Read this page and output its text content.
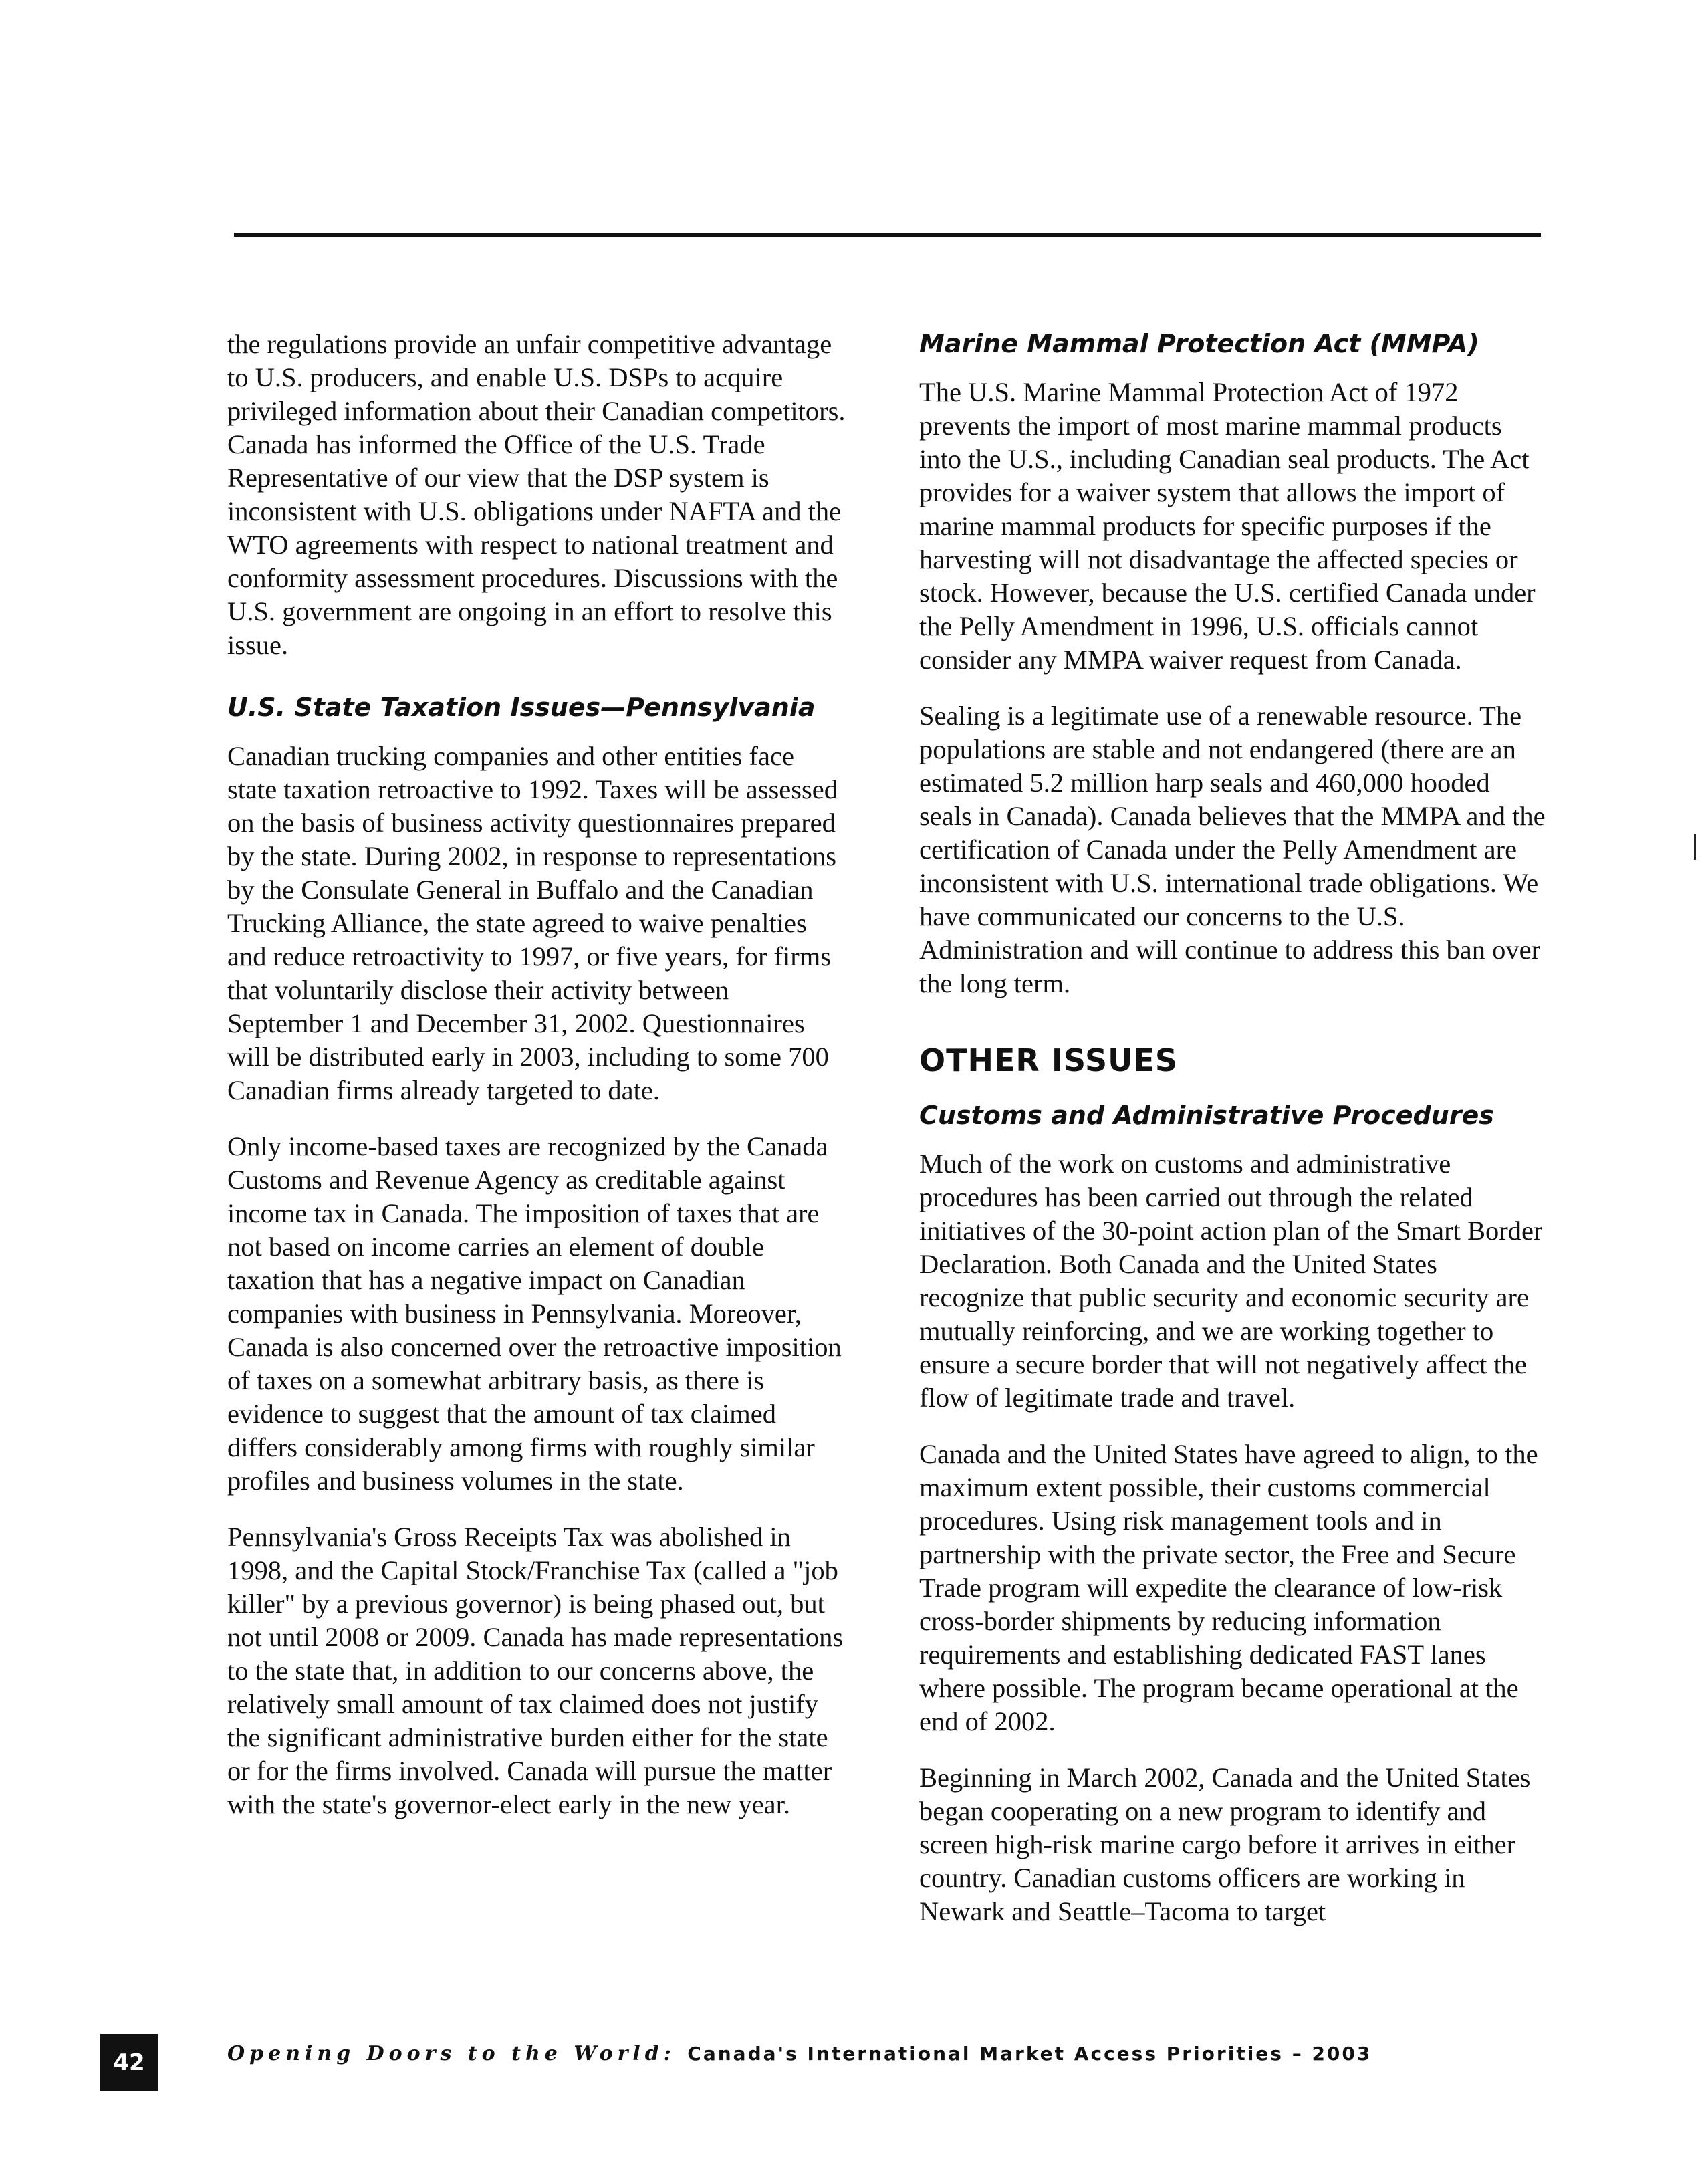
the regulations provide an unfair competitive advantage to U.S. producers, and enable U.S. DSPs to acquire privileged information about their Canadian competitors. Canada has informed the Office of the U.S. Trade Representative of our view that the DSP system is inconsistent with U.S. obligations under NAFTA and the WTO agreements with respect to national treatment and conformity assessment procedures. Discussions with the U.S. government are ongoing in an effort to resolve this issue.

U.S. State Taxation Issues—Pennsylvania

Canadian trucking companies and other entities face state taxation retroactive to 1992. Taxes will be assessed on the basis of business activity questionnaires prepared by the state. During 2002, in response to representations by the Consulate General in Buffalo and the Canadian Trucking Alliance, the state agreed to waive penalties and reduce retroactivity to 1997, or five years, for firms that voluntarily disclose their activity between September 1 and December 31, 2002. Questionnaires will be distributed early in 2003, including to some 700 Canadian firms already targeted to date.

Only income-based taxes are recognized by the Canada Customs and Revenue Agency as creditable against income tax in Canada. The imposition of taxes that are not based on income carries an element of double taxation that has a negative impact on Canadian companies with business in Pennsylvania. Moreover, Canada is also concerned over the retroactive imposition of taxes on a somewhat arbitrary basis, as there is evidence to suggest that the amount of tax claimed differs considerably among firms with roughly similar profiles and business volumes in the state.

Pennsylvania's Gross Receipts Tax was abolished in 1998, and the Capital Stock/Franchise Tax (called a "job killer" by a previous governor) is being phased out, but not until 2008 or 2009. Canada has made representations to the state that, in addition to our concerns above, the relatively small amount of tax claimed does not justify the significant administrative burden either for the state or for the firms involved. Canada will pursue the matter with the state's governor-elect early in the new year.

Marine Mammal Protection Act (MMPA)

The U.S. Marine Mammal Protection Act of 1972 prevents the import of most marine mammal products into the U.S., including Canadian seal products. The Act provides for a waiver system that allows the import of marine mammal products for specific purposes if the harvesting will not disadvantage the affected species or stock. However, because the U.S. certified Canada under the Pelly Amendment in 1996, U.S. officials cannot consider any MMPA waiver request from Canada.

Sealing is a legitimate use of a renewable resource. The populations are stable and not endangered (there are an estimated 5.2 million harp seals and 460,000 hooded seals in Canada). Canada believes that the MMPA and the certification of Canada under the Pelly Amendment are inconsistent with U.S. international trade obligations. We have communicated our concerns to the U.S. Administration and will continue to address this ban over the long term.

OTHER ISSUES
Customs and Administrative Procedures

Much of the work on customs and administrative procedures has been carried out through the related initiatives of the 30-point action plan of the Smart Border Declaration. Both Canada and the United States recognize that public security and economic security are mutually reinforcing, and we are working together to ensure a secure border that will not negatively affect the flow of legitimate trade and travel.

Canada and the United States have agreed to align, to the maximum extent possible, their customs commercial procedures. Using risk management tools and in partnership with the private sector, the Free and Secure Trade program will expedite the clearance of low-risk cross-border shipments by reducing information requirements and establishing dedicated FAST lanes where possible. The program became operational at the end of 2002.

Beginning in March 2002, Canada and the United States began cooperating on a new program to identify and screen high-risk marine cargo before it arrives in either country. Canadian customs officers are working in Newark and Seattle–Tacoma to target

42	Opening Doors to the World: Canada's International Market Access Priorities – 2003
